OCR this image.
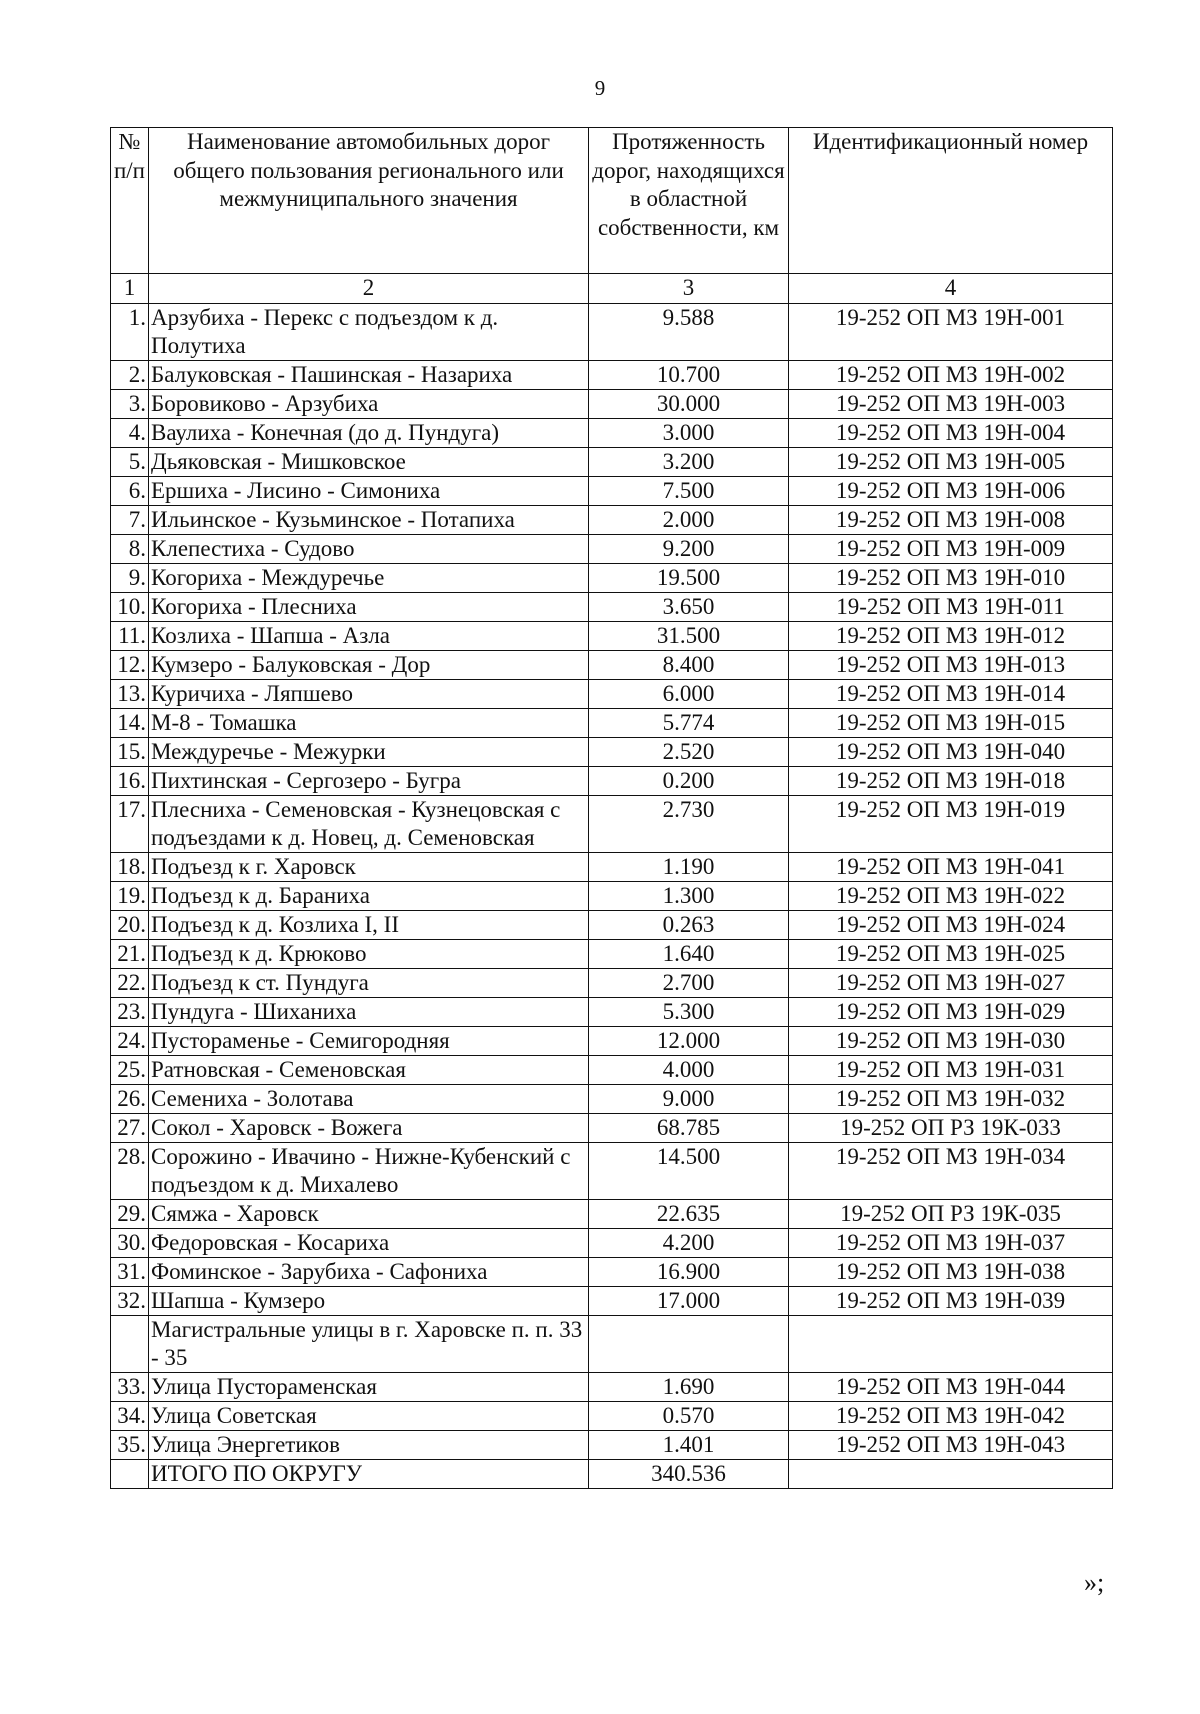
9
№ п/п	Наименование автомобильных дорог общего пользования регионального или межмуниципального значения	Протяженность дорог, находящихся в областной собственности, км	Идентификационный номер
1	2	3	4
1.	Арзубиха - Перекс с подъездом к д. Полутиха	9.588	19-252 ОП МЗ 19Н-001
2.	Балуковская - Пашинская - Назариха	10.700	19-252 ОП МЗ 19Н-002
3.	Боровиково - Арзубиха	30.000	19-252 ОП МЗ 19Н-003
4.	Ваулиха - Конечная (до д. Пундуга)	3.000	19-252 ОП МЗ 19Н-004
5.	Дьяковская - Мишковское	3.200	19-252 ОП МЗ 19Н-005
6.	Ершиха - Лисино - Симониха	7.500	19-252 ОП МЗ 19Н-006
7.	Ильинское - Кузьминское - Потапиха	2.000	19-252 ОП МЗ 19Н-008
8.	Клепестиха - Судово	9.200	19-252 ОП МЗ 19Н-009
9.	Когориха - Междуречье	19.500	19-252 ОП МЗ 19Н-010
10.	Когориха - Плесниха	3.650	19-252 ОП МЗ 19Н-011
11.	Козлиха - Шапша - Азла	31.500	19-252 ОП МЗ 19Н-012
12.	Кумзеро - Балуковская - Дор	8.400	19-252 ОП МЗ 19Н-013
13.	Куричиха - Ляпшево	6.000	19-252 ОП МЗ 19Н-014
14.	М-8 - Томашка	5.774	19-252 ОП МЗ 19Н-015
15.	Междуречье - Межурки	2.520	19-252 ОП МЗ 19Н-040
16.	Пихтинская - Сергозеро - Бугра	0.200	19-252 ОП МЗ 19Н-018
17.	Плесниха - Семеновская - Кузнецовская с подъездами к д. Новец, д. Семеновская	2.730	19-252 ОП МЗ 19Н-019
18.	Подъезд к г. Харовск	1.190	19-252 ОП МЗ 19Н-041
19.	Подъезд к д. Бараниха	1.300	19-252 ОП МЗ 19Н-022
20.	Подъезд к д. Козлиха I, II	0.263	19-252 ОП МЗ 19Н-024
21.	Подъезд к д. Крюково	1.640	19-252 ОП МЗ 19Н-025
22.	Подъезд к ст. Пундуга	2.700	19-252 ОП МЗ 19Н-027
23.	Пундуга - Шиханиха	5.300	19-252 ОП МЗ 19Н-029
24.	Пустораменье - Семигородняя	12.000	19-252 ОП МЗ 19Н-030
25.	Ратновская - Семеновская	4.000	19-252 ОП МЗ 19Н-031
26.	Семениха - Золотава	9.000	19-252 ОП МЗ 19Н-032
27.	Сокол - Харовск - Вожега	68.785	19-252 ОП РЗ 19К-033
28.	Сорожино - Ивачино - Нижне-Кубенский с подъездом к д. Михалево	14.500	19-252 ОП МЗ 19Н-034
29.	Сямжа - Харовск	22.635	19-252 ОП РЗ 19К-035
30.	Федоровская - Косариха	4.200	19-252 ОП МЗ 19Н-037
31.	Фоминское - Зарубиха - Сафониха	16.900	19-252 ОП МЗ 19Н-038
32.	Шапша - Кумзеро	17.000	19-252 ОП МЗ 19Н-039
	Магистральные улицы в г. Харовске п. п. 33 - 35		
33.	Улица Пустораменская	1.690	19-252 ОП МЗ 19Н-044
34.	Улица Советская	0.570	19-252 ОП МЗ 19Н-042
35.	Улица Энергетиков	1.401	19-252 ОП МЗ 19Н-043
	ИТОГО ПО ОКРУГУ	340.536	
»;
